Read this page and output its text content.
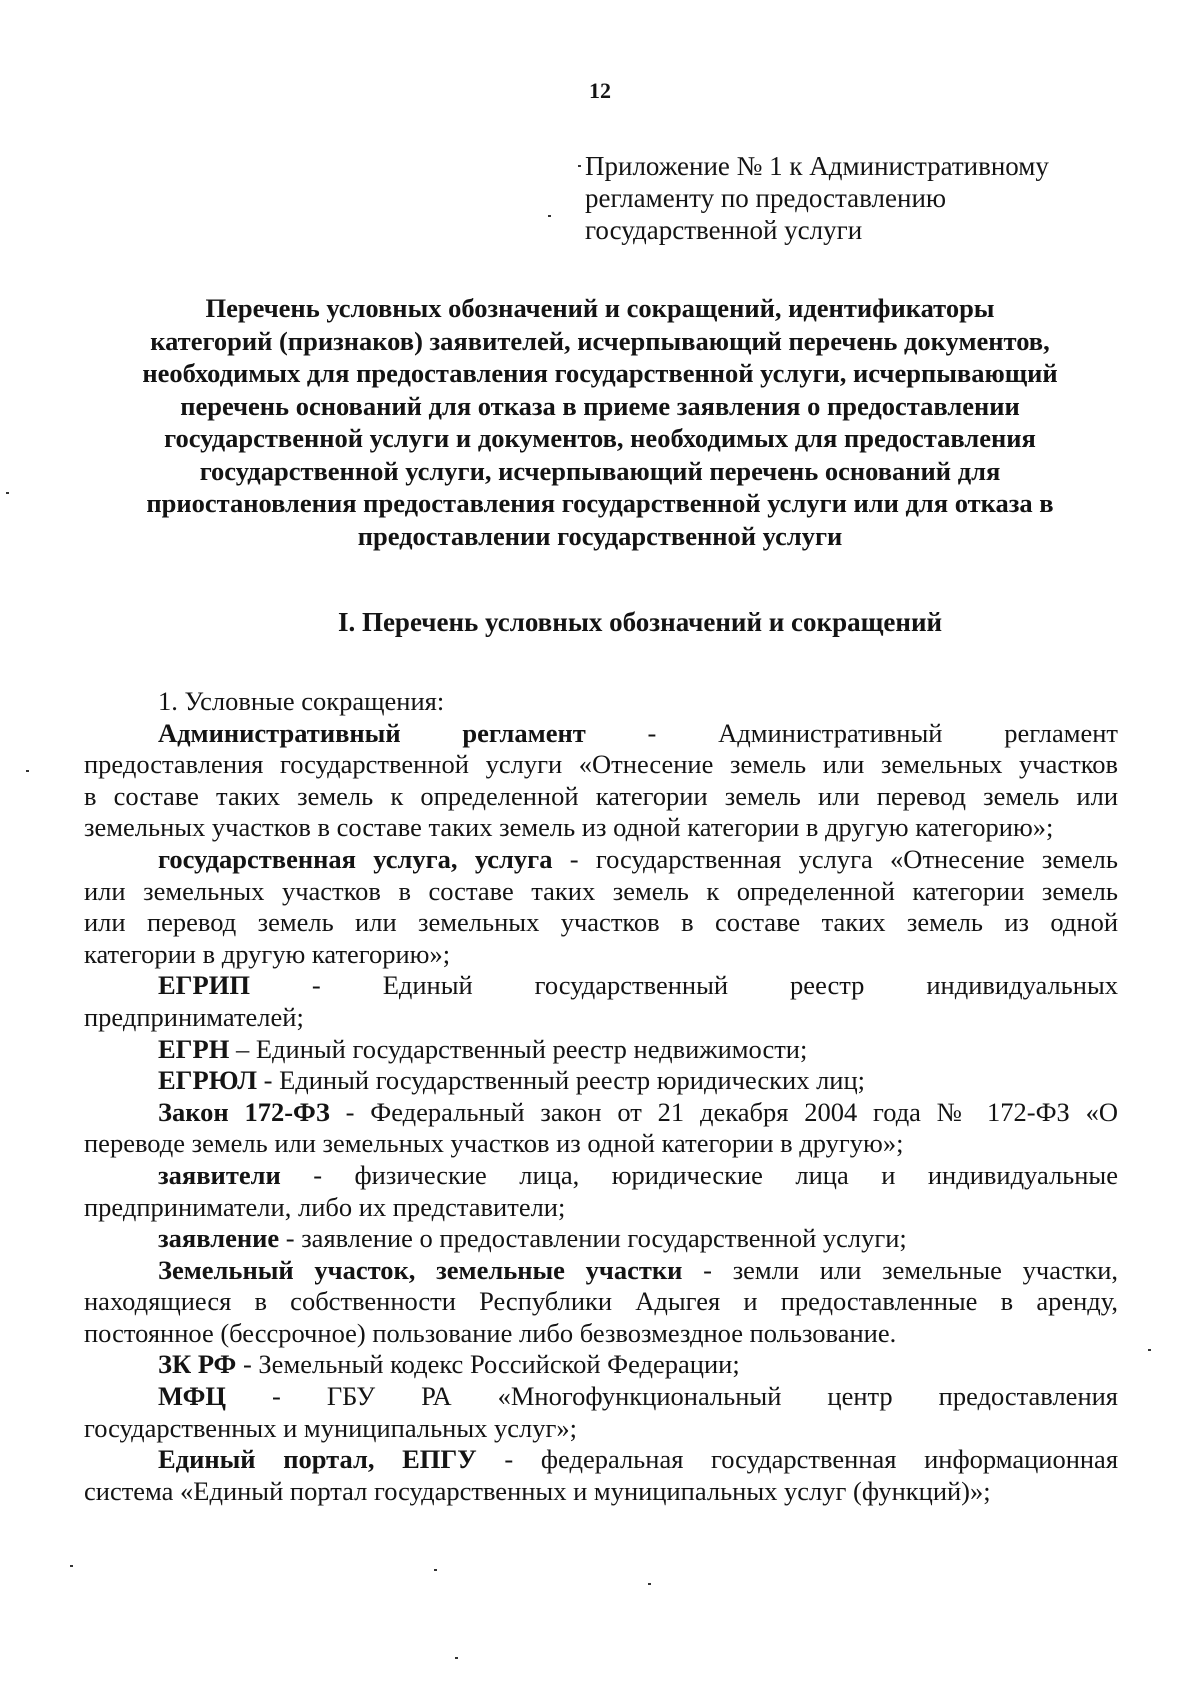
12
Приложение № 1 к Административному
регламенту по предоставлению
государственной услуги
Перечень условных обозначений и сокращений, идентификаторы
категорий (признаков) заявителей, исчерпывающий перечень документов,
необходимых для предоставления государственной услуги, исчерпывающий
перечень оснований для отказа в приеме заявления о предоставлении
государственной услуги и документов, необходимых для предоставления
государственной услуги, исчерпывающий перечень оснований для
приостановления предоставления государственной услуги или для отказа в
предоставлении государственной услуги
I. Перечень условных обозначений и сокращений
1. Условные сокращения:
Административный регламент - Административный регламент
предоставления государственной услуги «Отнесение земель или земельных участков
в составе таких земель к определенной категории земель или перевод земель или
земельных участков в составе таких земель из одной категории в другую категорию»;
государственная услуга, услуга - государственная услуга «Отнесение земель
или земельных участков в составе таких земель к определенной категории земель
или перевод земель или земельных участков в составе таких земель из одной
категории в другую категорию»;
ЕГРИП - Единый государственный реестр индивидуальных
предпринимателей;
ЕГРН – Единый государственный реестр недвижимости;
ЕГРЮЛ - Единый государственный реестр юридических лиц;
Закон 172-ФЗ - Федеральный закон от 21 декабря 2004 года № 172-ФЗ «О
переводе земель или земельных участков из одной категории в другую»;
заявители - физические лица, юридические лица и индивидуальные
предприниматели, либо их представители;
заявление - заявление о предоставлении государственной услуги;
Земельный участок, земельные участки - земли или земельные участки,
находящиеся в собственности Республики Адыгея и предоставленные в аренду,
постоянное (бессрочное) пользование либо безвозмездное пользование.
ЗК РФ - Земельный кодекс Российской Федерации;
МФЦ - ГБУ РА «Многофункциональный центр предоставления
государственных и муниципальных услуг»;
Единый портал, ЕПГУ - федеральная государственная информационная
система «Единый портал государственных и муниципальных услуг (функций)»;
